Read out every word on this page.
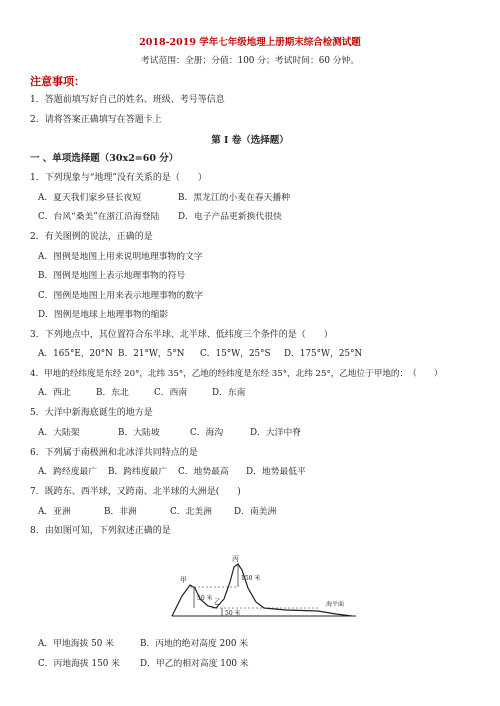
2018-2019 学年七年级地理上册期末综合检测试题
考试范围：全册；分值：100 分；考试时间：60 分钟。
注意事项：
1．答题前填写好自己的姓名、班级、考号等信息
2．请将答案正确填写在答题卡上
第 I 卷（选择题）
一 、单项选择题（30x2=60 分）
1．下列现象与“地理”没有关系的是（　　）
A．夏天我们家乡昼长夜短	B．黑龙江的小麦在春天播种
C．台风“桑美”在浙江沿海登陆 D．电子产品更新换代很快
2．有关图例的说法，正确的是
A．图例是地图上用来说明地理事物的文字
B．图例是地图上表示地理事物的符号
C．图例是地图上用来表示地理事物的数字
D．图例是地球上地理事物的缩影
3．下列地点中，其位置符合东半球、北半球、低纬度三个条件的是（　　）
A．165°E，20°N B．21°W，5°N C．15°W，25°S D．175°W，25°N
4．甲地的经纬度是东经 20°，北纬 35°，乙地的经纬度是东经 35°，北纬 25°，乙地位于甲地的：　（　　）
A．西北	B．东北	C．西南	D．东南
5．大洋中新海底诞生的地方是
A．大陆架	B．大陆坡	C．海沟	D．大洋中脊
6．下列属于南极洲和北冰洋共同特点的是
A．跨经度最广 B．跨纬度最广 C．地势最高 D．地势最低平
7．既跨东、西半球，又跨南、北半球的大洲是(　　)
A．亚洲	B．非洲	C．北美洲	D．南美洲
8．由如图可知，下列叙述正确的是
甲
丙
乙
50 米
150 米
50 米
海平面
A．甲地海拔 50 米	B．丙地的绝对高度 200 米
C．丙地海拔 150 米 D．甲乙的相对高度 100 米
